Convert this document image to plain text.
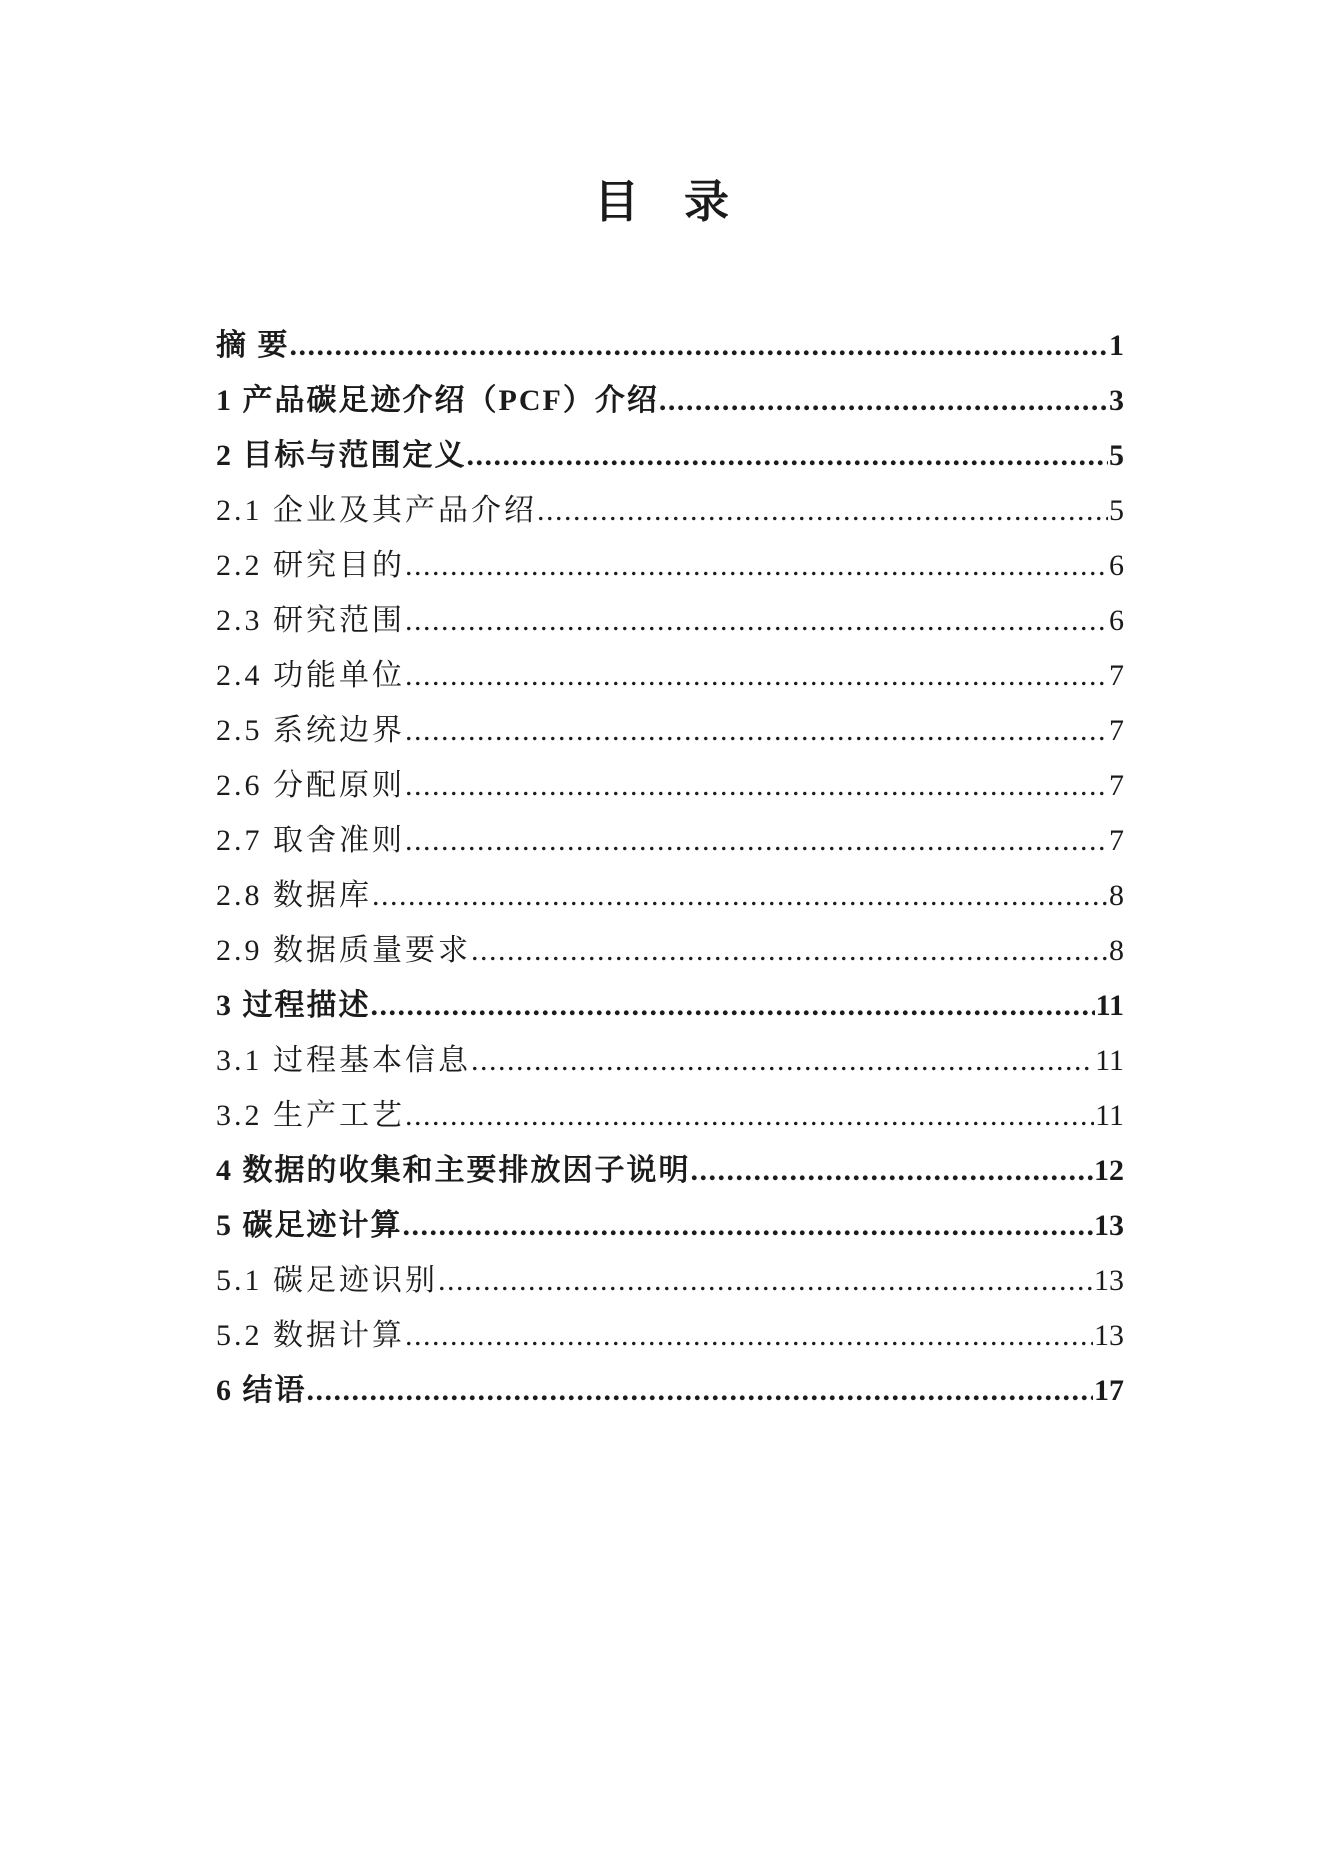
目　录
摘 要 .....	1
1 产品碳足迹介绍（PCF）介绍 .....	3
2 目标与范围定义 .....	5
2.1 企业及其产品介绍 .....	5
2.2 研究目的 .....	6
2.3 研究范围 .....	6
2.4 功能单位 .....	7
2.5 系统边界 .....	7
2.6 分配原则 .....	7
2.7 取舍准则 .....	7
2.8 数据库 .....	8
2.9 数据质量要求 .....	8
3 过程描述 .....	11
3.1 过程基本信息 .....	11
3.2 生产工艺 .....	11
4 数据的收集和主要排放因子说明 .....	12
5 碳足迹计算 .....	13
5.1 碳足迹识别 .....	13
5.2 数据计算 .....	13
6 结语 .....	17
